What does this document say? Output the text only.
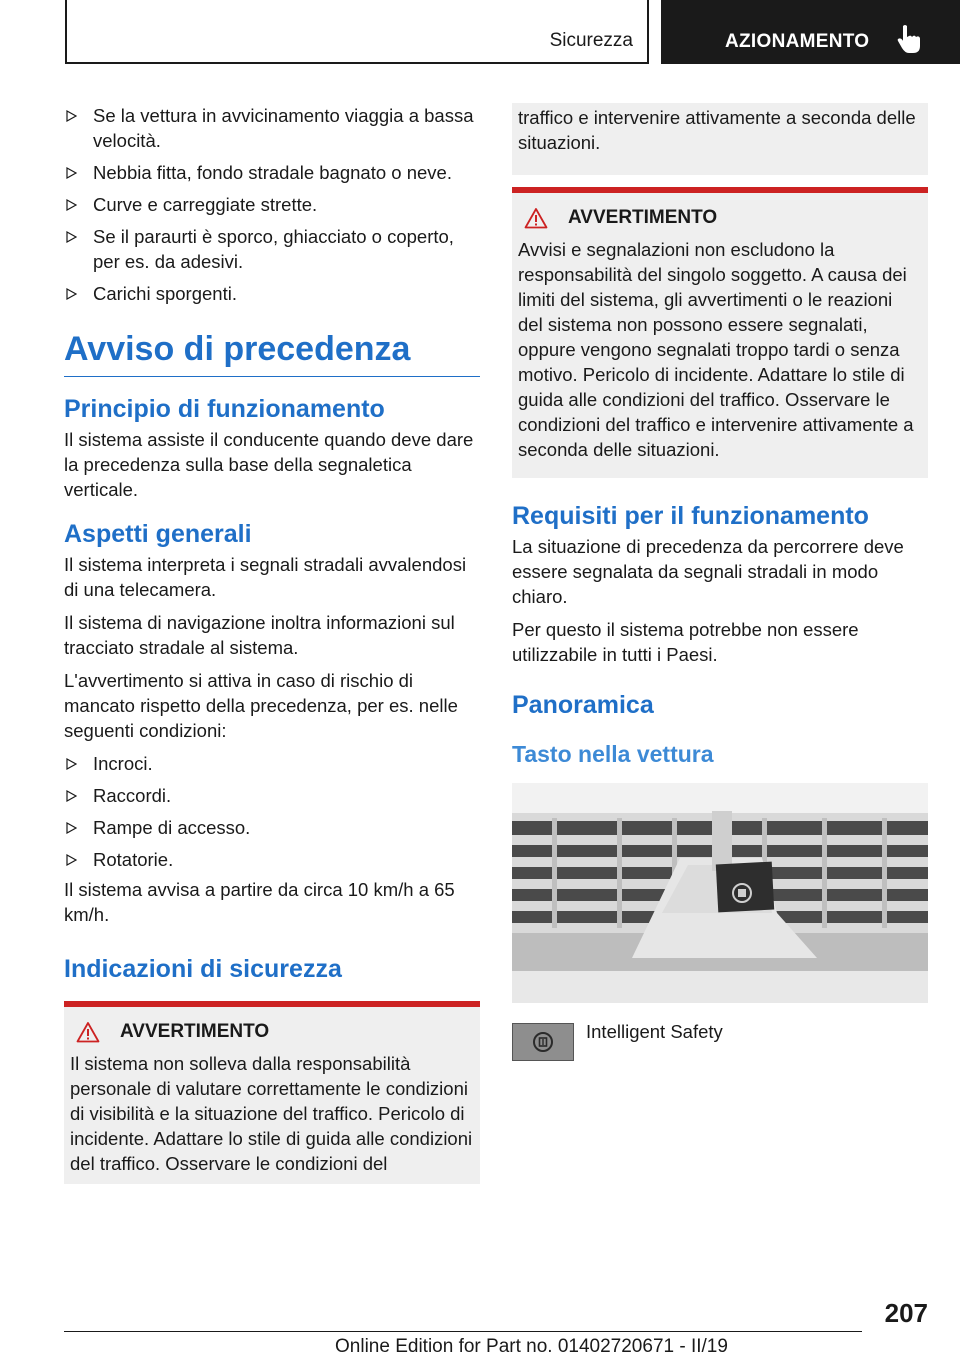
Sicurezza	AZIONAMENTO
Se la vettura in avvicinamento viaggia a bassa velocità.
Nebbia fitta, fondo stradale bagnato o neve.
Curve e carreggiate strette.
Se il paraurti è sporco, ghiacciato o coperto, per es. da adesivi.
Carichi sporgenti.
Avviso di precedenza
Principio di funzionamento
Il sistema assiste il conducente quando deve dare la precedenza sulla base della segnaletica verticale.
Aspetti generali
Il sistema interpreta i segnali stradali avvalendosi di una telecamera.
Il sistema di navigazione inoltra informazioni sul tracciato stradale al sistema.
L'avvertimento si attiva in caso di rischio di mancato rispetto della precedenza, per es. nelle seguenti condizioni:
Incroci.
Raccordi.
Rampe di accesso.
Rotatorie.
Il sistema avvisa a partire da circa 10 km/h a 65 km/h.
Indicazioni di sicurezza
AVVERTIMENTO
Il sistema non solleva dalla responsabilità personale di valutare correttamente le condizioni di visibilità e la situazione del traffico. Pericolo di incidente. Adattare lo stile di guida alle condizioni del traffico. Osservare le condizioni del
traffico e intervenire attivamente a seconda delle situazioni.
AVVERTIMENTO
Avvisi e segnalazioni non escludono la responsabilità del singolo soggetto. A causa dei limiti del sistema, gli avvertimenti o le reazioni del sistema non possono essere segnalati, oppure vengono segnalati troppo tardi o senza motivo. Pericolo di incidente. Adattare lo stile di guida alle condizioni del traffico. Osservare le condizioni del traffico e intervenire attivamente a seconda delle situazioni.
Requisiti per il funzionamento
La situazione di precedenza da percorrere deve essere segnalata da segnali stradali in modo chiaro.
Per questo il sistema potrebbe non essere utilizzabile in tutti i Paesi.
Panoramica
Tasto nella vettura
Intelligent Safety
207
Online Edition for Part no. 01402720671 - II/19
